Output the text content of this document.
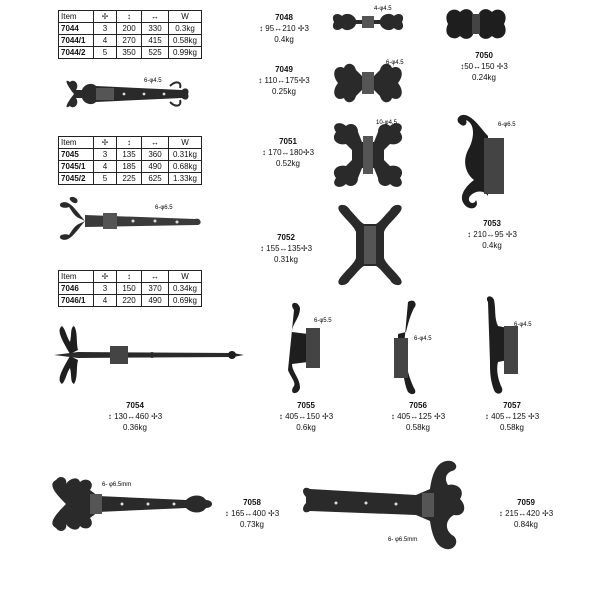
Item	✢	↕	↔	W
7044	3	200	330	0.3kg
7044/1	4	270	415	0.58kg
7044/2	5	350	525	0.99kg
6-φ4.5
Item	✢	↕	↔	W
7045	3	135	360	0.31kg
7045/1	4	185	490	0.68kg
7045/2	5	225	625	1.33kg
6-φ6.5
Item	✢	↕	↔	W
7046	3	150	370	0.34kg
7046/1	4	220	490	0.69kg
7048
↕ 95↔210 ✢3
0.4kg
4-φ4.5
7050
↕50↔150 ✢3
0.24kg
7049
↕ 110↔175✢3
0.25kg
6-φ4.5
7051
↕ 170↔180✢3
0.52kg
10-φ4.5	6-φ6.5
7053
↕ 210↔95 ✢3
0.4kg
7052
↕ 155↔135✢3
0.31kg
7054
↕ 130↔460 ✢3
0.36kg
6-φ5.5
7055
↕ 405↔150 ✢3
0.6kg
6-φ4.5
7056
↕ 405↔125 ✢3
0.58kg
6-φ4.5
7057
↕ 405↔125 ✢3
0.58kg
6- φ6.5mm
7058
↕ 165↔400 ✢3
0.73kg
6- φ6.5mm
7059
↕ 215↔420 ✢3
0.84kg
